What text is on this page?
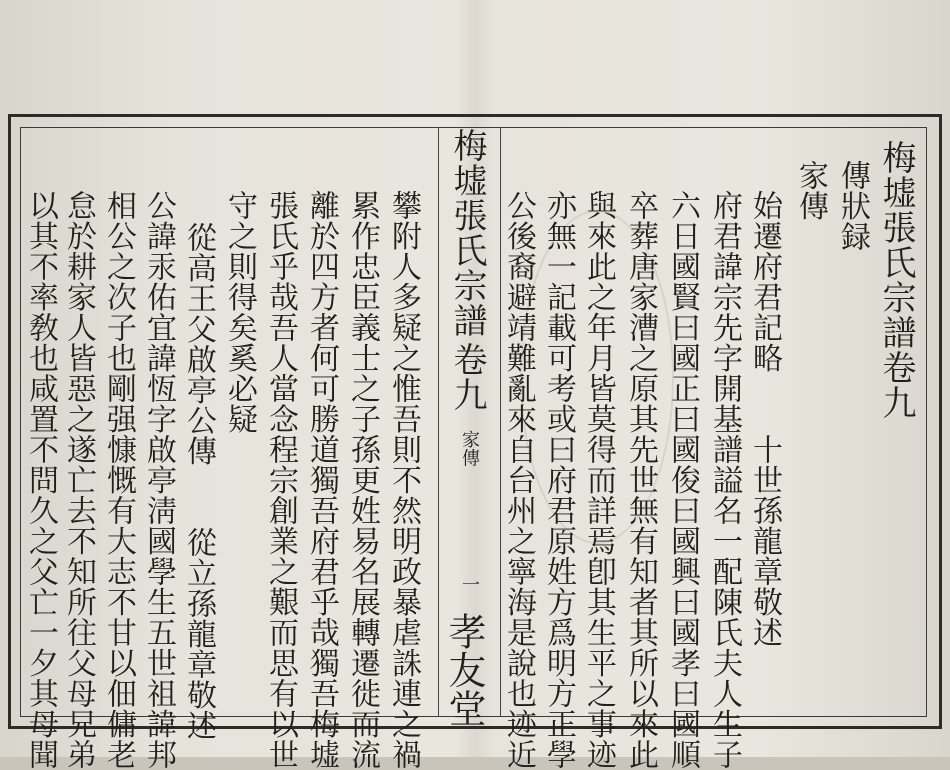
梅墟張氏宗譜卷九
傳狀録
家傳
始遷府君記略　　十世孫龍章敬述
府君諱宗先字開基譜謚名一配陳氏夫人生子
六日國賢曰國正曰國俊曰國興曰國孝曰國順
卒葬唐家漕之原其先世無有知者其所以來此
與來此之年月皆莫得而詳焉卽其生平之事迹
亦無一記載可考或曰府君原姓方爲明方正學
公後裔避靖難亂來自台州之寧海是說也迹近
梅墟張氏宗譜
卷九
家傳
一
孝友堂
攀附人多疑之惟吾則不然明政暴虐誅連之禍
累作忠臣義士之子孫更姓易名展轉遷徙而流
離於四方者何可勝道獨吾府君乎哉獨吾梅墟
張氏乎哉吾人當念程宗創業之艱而思有以世
守之則得矣奚必疑
從高王父啟亭公傳　　從立孫龍章敬述
公諱汞佑宜諱恆字啟亭淸國學生五世祖諱邦
相公之次子也剛强慷慨有大志不甘以佃傭老
怠於耕家人皆惡之遂亡去不知所往父母兄弟
以其不率敎也咸置不問久之父亡一夕其母聞
